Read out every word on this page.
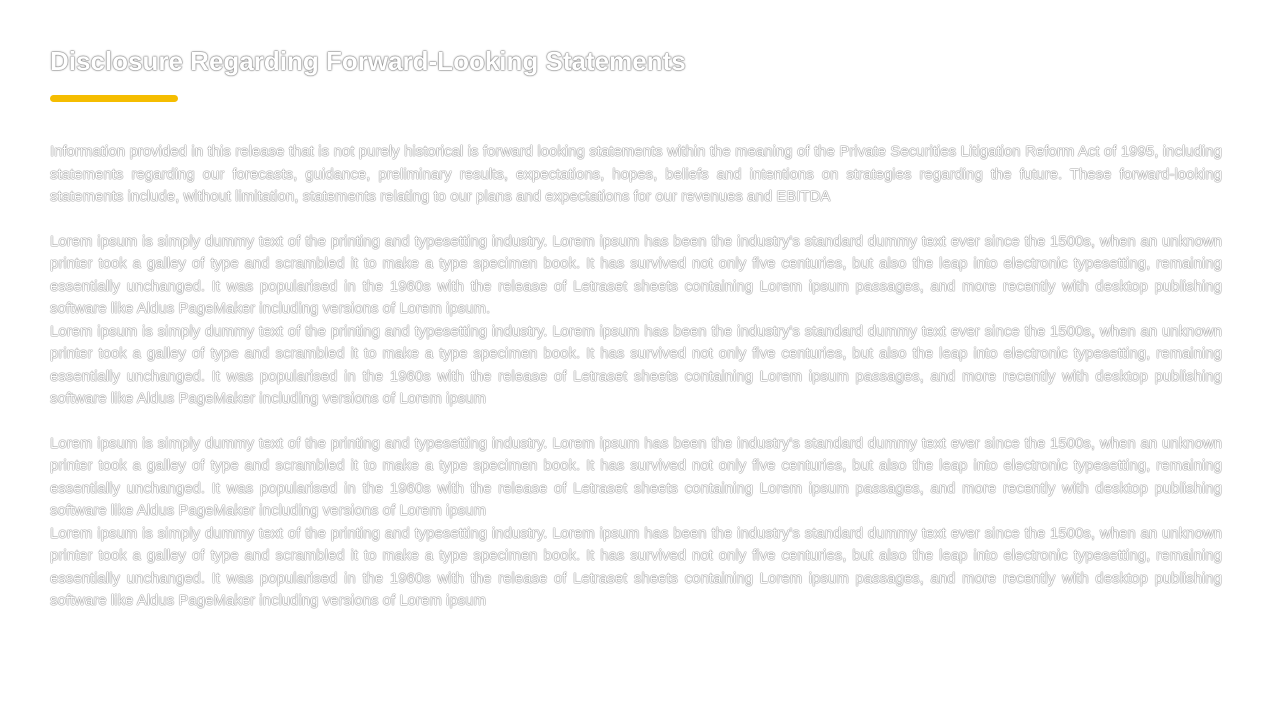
Disclosure Regarding Forward-Looking Statements

Information provided in this release that is not purely historical is forward looking statements within the meaning of the Private Securities Litigation Reform Act of 1995, including statements regarding our forecasts, guidance, preliminary results, expectations, hopes, beliefs and intentions on strategies regarding the future. These forward-looking statements include, without limitation, statements relating to our plans and expectations for our revenues and EBITDA

Lorem ipsum is simply dummy text of the printing and typesetting industry. Lorem ipsum has been the industry's standard dummy text ever since the 1500s, when an unknown printer took a galley of type and scrambled it to make a type specimen book. It has survived not only five centuries, but also the leap into electronic typesetting, remaining essentially unchanged. It was popularised in the 1960s with the release of Letraset sheets containing Lorem ipsum passages, and more recently with desktop publishing software like Aldus PageMaker including versions of Lorem ipsum.

Lorem ipsum is simply dummy text of the printing and typesetting industry. Lorem ipsum has been the industry's standard dummy text ever since the 1500s, when an unknown printer took a galley of type and scrambled it to make a type specimen book. It has survived not only five centuries, but also the leap into electronic typesetting, remaining essentially unchanged. It was popularised in the 1960s with the release of Letraset sheets containing Lorem ipsum passages, and more recently with desktop publishing software like Aldus PageMaker including versions of Lorem ipsum

Lorem ipsum is simply dummy text of the printing and typesetting industry. Lorem ipsum has been the industry's standard dummy text ever since the 1500s, when an unknown printer took a galley of type and scrambled it to make a type specimen book. It has survived not only five centuries, but also the leap into electronic typesetting, remaining essentially unchanged. It was popularised in the 1960s with the release of Letraset sheets containing Lorem ipsum passages, and more recently with desktop publishing software like Aldus PageMaker including versions of Lorem ipsum

Lorem ipsum is simply dummy text of the printing and typesetting industry. Lorem ipsum has been the industry's standard dummy text ever since the 1500s, when an unknown printer took a galley of type and scrambled it to make a type specimen book. It has survived not only five centuries, but also the leap into electronic typesetting, remaining essentially unchanged. It was popularised in the 1960s with the release of Letraset sheets containing Lorem ipsum passages, and more recently with desktop publishing software like Aldus PageMaker including versions of Lorem ipsum
